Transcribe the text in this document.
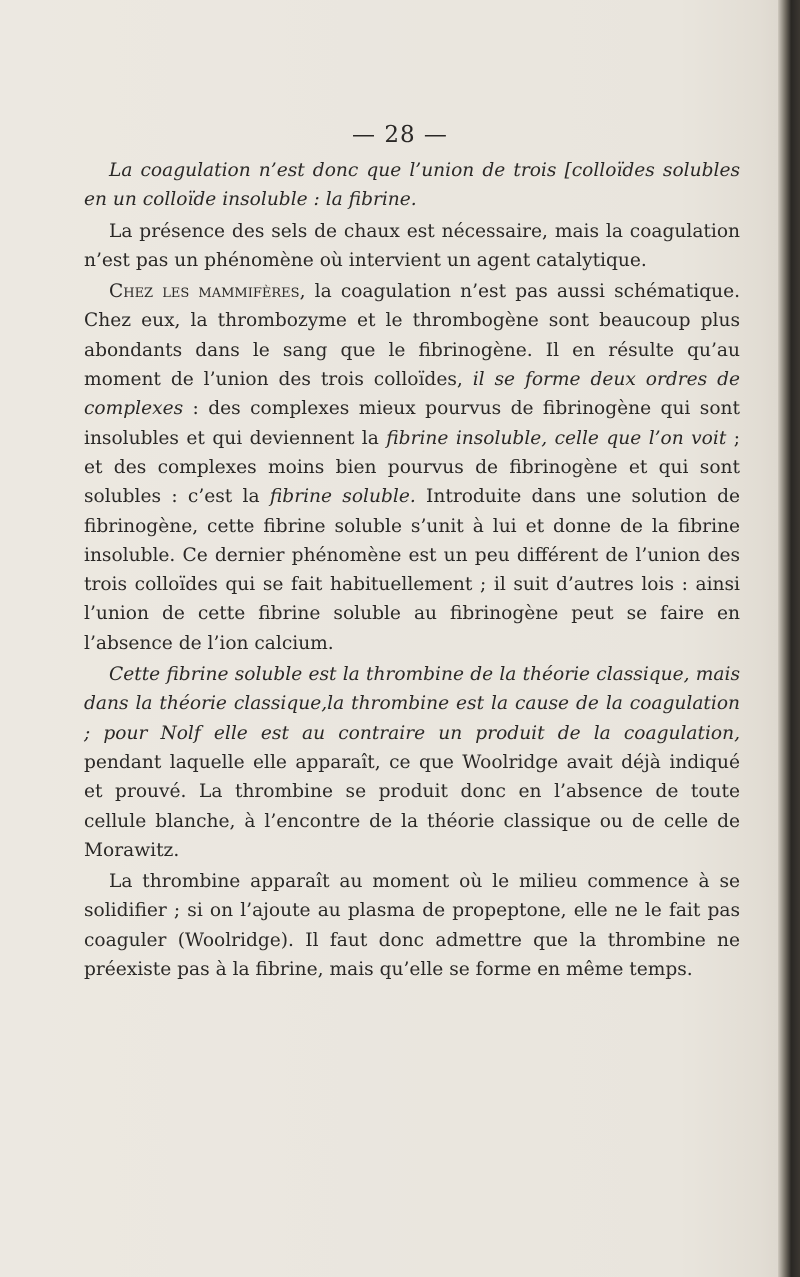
— 28 —

La coagulation n’est donc que l’union de trois [colloïdes solubles en un colloïde insoluble : la fibrine.

La présence des sels de chaux est nécessaire, mais la coagulation n’est pas un phénomène où intervient un agent catalytique.

Chez les mammifères, la coagulation n’est pas aussi schématique. Chez eux, la thrombozyme et le thrombogène sont beaucoup plus abondants dans le sang que le fibrinogène. Il en résulte qu’au moment de l’union des trois colloïdes, il se forme deux ordres de complexes : des complexes mieux pourvus de fibrinogène qui sont insolubles et qui deviennent la fibrine insoluble, celle que l’on voit ; et des complexes moins bien pourvus de fibrinogène et qui sont solubles : c’est la fibrine soluble. Introduite dans une solution de fibrinogène, cette fibrine soluble s’unit à lui et donne de la fibrine insoluble. Ce dernier phénomène est un peu différent de l’union des trois colloïdes qui se fait habituellement ; il suit d’autres lois : ainsi l’union de cette fibrine soluble au fibrinogène peut se faire en l’absence de l’ion calcium.

Cette fibrine soluble est la thrombine de la théorie classique, mais dans la théorie classique,la thrombine est la cause de la coagulation ; pour Nolf elle est au contraire un produit de la coagulation, pendant laquelle elle apparaît, ce que Woolridge avait déjà indiqué et prouvé. La thrombine se produit donc en l’absence de toute cellule blanche, à l’encontre de la théorie classique ou de celle de Morawitz.

La thrombine apparaît au moment où le milieu commence à se solidifier ; si on l’ajoute au plasma de propeptone, elle ne le fait pas coaguler (Woolridge). Il faut donc admettre que la thrombine ne préexiste pas à la fibrine, mais qu’elle se forme en même temps.
